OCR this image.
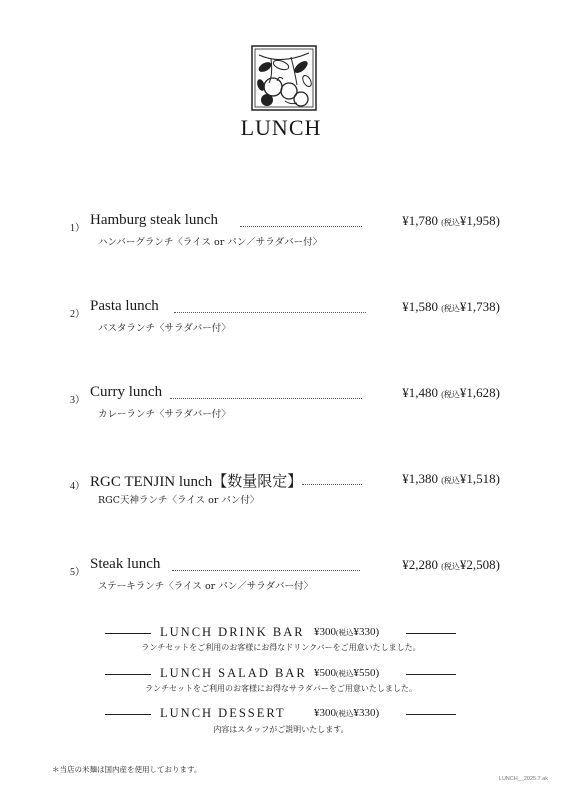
LUNCH
1）
Hamburg steak lunch	¥1,780 (税込¥1,958)
ハンバーグランチ〈ライス or パン／サラダバー付〉
2）
Pasta lunch	¥1,580 (税込¥1,738)
パスタランチ〈サラダバー付〉
3）
Curry lunch	¥1,480 (税込¥1,628)
カレーランチ〈サラダバー付〉
4） RGC TENJIN lunch【数量限定】	¥1,380 (税込¥1,518)
RGC天神ランチ〈ライス or パン付〉
5）
Steak lunch	¥2,280 (税込¥2,508)
ステーキランチ〈ライス or パン／サラダバー付〉
LUNCH DRINK BAR ¥300(税込¥330)
ランチセットをご利用のお客様にお得なドリンクバーをご用意いたしました。
LUNCH SALAD BAR ¥500(税込¥550)
ランチセットをご利用のお客様にお得なサラダバーをご用意いたしました。
LUNCH DESSERT	¥300(税込¥330)
内容はスタッフがご説明いたします。
＊当店の米麺は国内産を使用しております。
LUNCH__2025.7.ak
